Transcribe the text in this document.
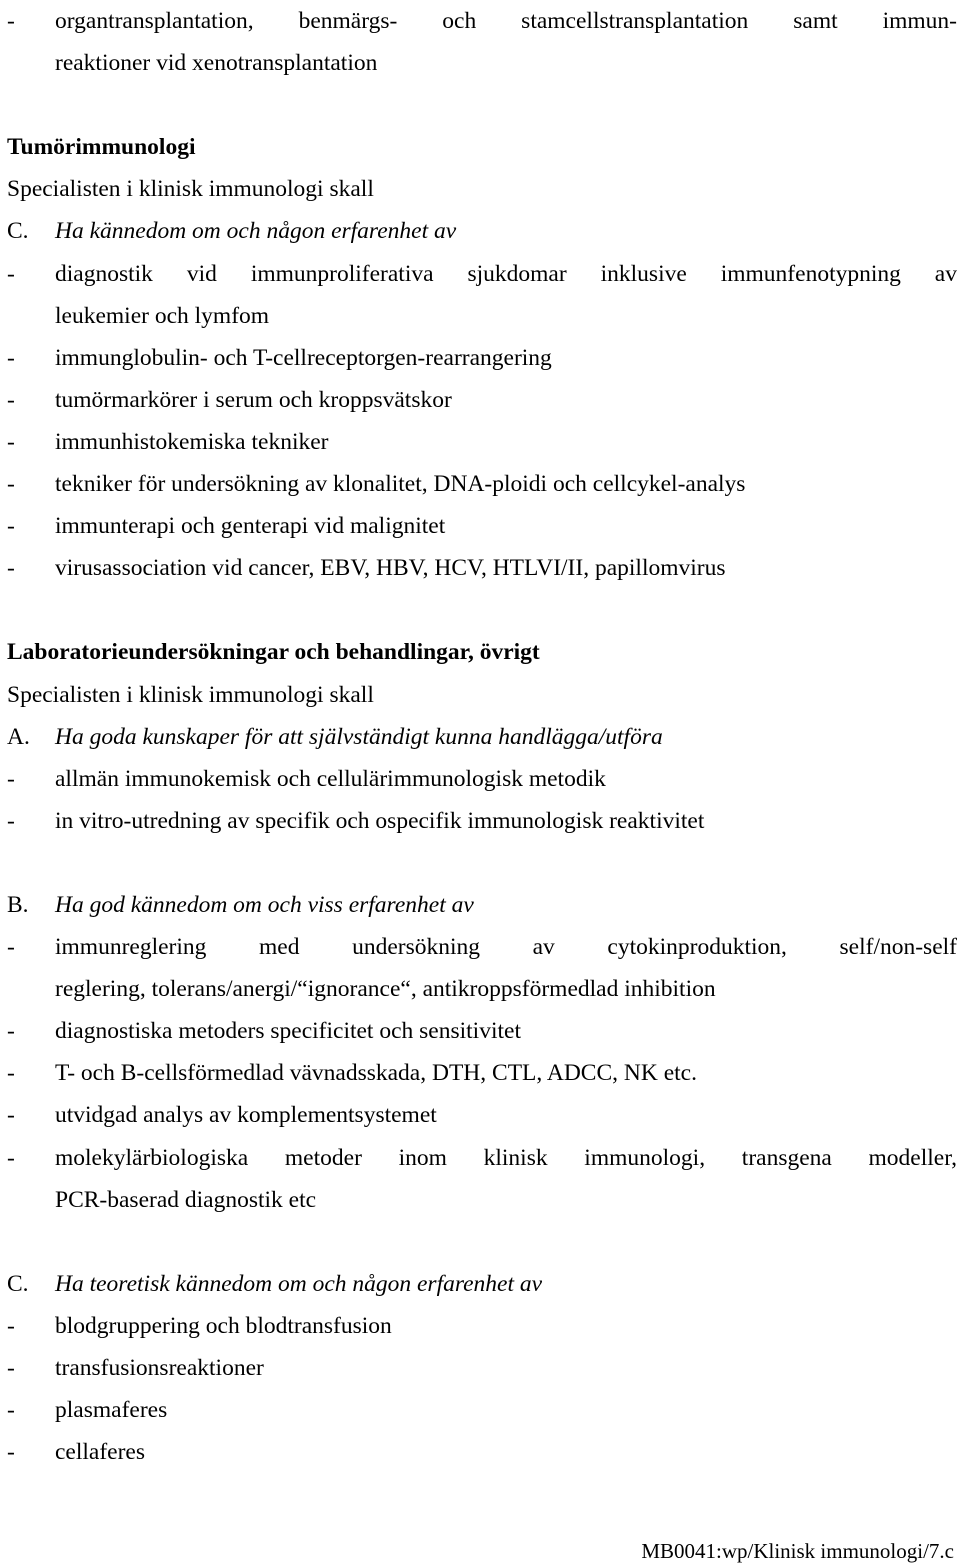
-	organtransplantation, benmärgs- och stamcellstransplantation samt immun-
reaktioner vid xenotransplantation
Tumörimmunologi
Specialisten i klinisk immunologi skall
C.	Ha kännedom om och någon erfarenhet av
-	diagnostik vid immunproliferativa sjukdomar inklusive immunfenotypning av
leukemier och lymfom
-	immunglobulin- och T-cellreceptorgen-rearrangering
-	tumörmarkörer i serum och kroppsvätskor
-	immunhistokemiska tekniker
-	tekniker för undersökning av klonalitet, DNA-ploidi och cellcykel-analys
-	immunterapi och genterapi vid malignitet
-	virusassociation vid cancer, EBV, HBV, HCV, HTLVI/II, papillomvirus
Laboratorieundersökningar och behandlingar, övrigt
Specialisten i klinisk immunologi skall
A.	Ha goda kunskaper för att självständigt kunna handlägga/utföra
-	allmän immunokemisk och cellulärimmunologisk metodik
-	in vitro-utredning av specifik och ospecifik immunologisk reaktivitet
B.	Ha god kännedom om och viss erfarenhet av
-	immunreglering med undersökning av cytokinproduktion, self/non-self
reglering, tolerans/anergi/“ignorance“, antikroppsförmedlad inhibition
-	diagnostiska metoders specificitet och sensitivitet
-	T- och B-cellsförmedlad vävnadsskada, DTH, CTL, ADCC, NK etc.
-	utvidgad analys av komplementsystemet
-	molekylärbiologiska metoder inom klinisk immunologi, transgena modeller,
PCR-baserad diagnostik etc
C.	Ha teoretisk kännedom om och någon erfarenhet av
-	blodgruppering och blodtransfusion
-	transfusionsreaktioner
-	plasmaferes
-	cellaferes
MB0041:wp/Klinisk immunologi/7.c
